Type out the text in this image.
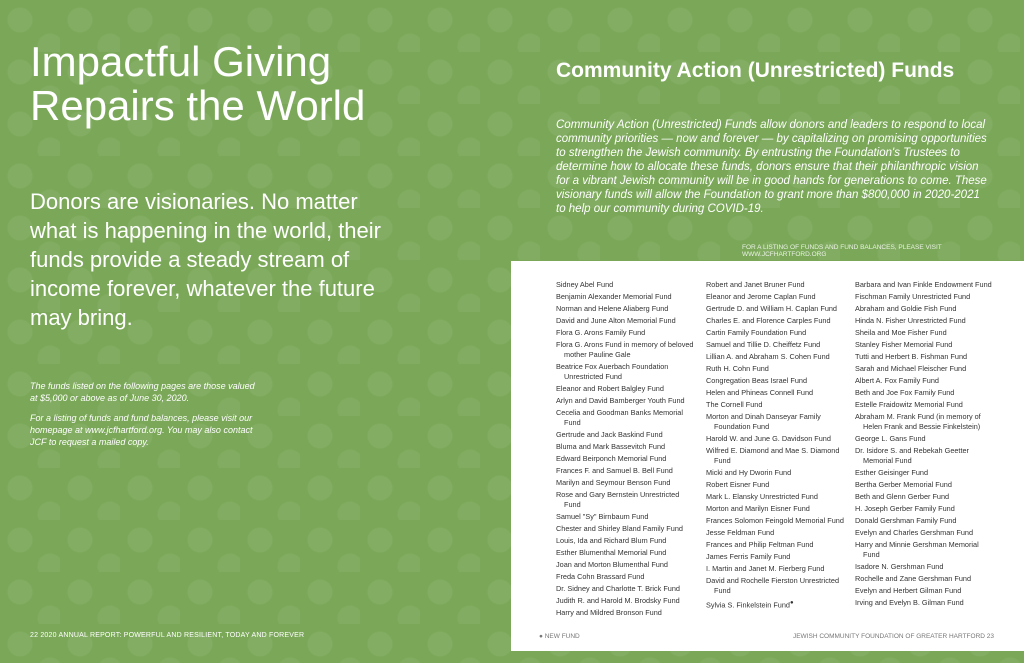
Impactful Giving Repairs the World

Donors are visionaries. No matter what is happening in the world, their funds provide a steady stream of income forever, whatever the future may bring.

The funds listed on the following pages are those valued at $5,000 or above as of June 30, 2020.

For a listing of funds and fund balances, please visit our homepage at www.jcfhartford.org. You may also contact JCF to request a mailed copy.

22 2020 ANNUAL REPORT: POWERFUL AND RESILIENT, TODAY AND FOREVER
Community Action (Unrestricted) Funds

Community Action (Unrestricted) Funds allow donors and leaders to respond to local community priorities — now and forever — by capitalizing on promising opportunities to strengthen the Jewish community. By entrusting the Foundation's Trustees to determine how to allocate these funds, donors ensure that their philanthropic vision for a vibrant Jewish community will be in good hands for generations to come. These visionary funds will allow the Foundation to grant more than $800,000 in 2020-2021 to help our community during COVID-19.

FOR A LISTING OF FUNDS AND FUND BALANCES, PLEASE VISIT WWW.JCFHARTFORD.ORG
Sidney Abel Fund
Benjamin Alexander Memorial Fund
Norman and Helene Aliaberg Fund
David and June Alton Memorial Fund
Flora G. Arons Family Fund
Flora G. Arons Fund in memory of beloved mother Pauline Gale
Beatrice Fox Auerbach Foundation Unrestricted Fund
Eleanor and Robert Balgley Fund
Arlyn and David Bamberger Youth Fund
Cecelia and Goodman Banks Memorial Fund
Gertrude and Jack Baskind Fund
Bluma and Mark Bassevitch Fund
Edward Beirponch Memorial Fund
Frances F. and Samuel B. Bell Fund
Marilyn and Seymour Benson Fund
Rose and Gary Bernstein Unrestricted Fund
Samuel "Sy" Birnbaum Fund
Chester and Shirley Bland Family Fund
Louis, Ida and Richard Blum Fund
Esther Blumenthal Memorial Fund
Joan and Morton Blumenthal Fund
Freda Cohn Brassard Fund
Dr. Sidney and Charlotte T. Brick Fund
Judith R. and Harold M. Brodsky Fund
Harry and Mildred Bronson Fund
Robert and Janet Bruner Fund
Eleanor and Jerome Caplan Fund
Gertrude D. and William H. Caplan Fund
Charles E. and Florence Carples Fund
Cartin Family Foundation Fund
Samuel and Tillie D. Cheiffetz Fund
Lillian A. and Abraham S. Cohen Fund
Ruth H. Cohn Fund
Congregation Beas Israel Fund
Helen and Phineas Connell Fund
The Cornell Fund
Morton and Dinah Danseyar Family Foundation Fund
Harold W. and June G. Davidson Fund
Wilfred E. Diamond and Mae S. Diamond Fund
Micki and Hy Dworin Fund
Robert Eisner Fund
Mark L. Elansky Unrestricted Fund
Morton and Marilyn Eisner Fund
Frances Solomon Feingold Memorial Fund
Jesse Feldman Fund
Frances and Philip Feltman Fund
James Ferris Family Fund
I. Martin and Janet M. Fierberg Fund
David and Rochelle Fierston Unrestricted Fund
Sylvia S. Finkelstein Fund●
Barbara and Ivan Finkle Endowment Fund
Fischman Family Unrestricted Fund
Abraham and Goldie Fish Fund
Hinda N. Fisher Unrestricted Fund
Sheila and Moe Fisher Fund
Stanley Fisher Memorial Fund
Tutti and Herbert B. Fishman Fund
Sarah and Michael Fleischer Fund
Albert A. Fox Family Fund
Beth and Joe Fox Family Fund
Estelle Fraidowitz Memorial Fund
Abraham M. Frank Fund (in memory of Helen Frank and Bessie Finkelstein)
George L. Gans Fund
Dr. Isidore S. and Rebekah Geetter Memorial Fund
Esther Geisinger Fund
Bertha Gerber Memorial Fund
Beth and Glenn Gerber Fund
H. Joseph Gerber Family Fund
Donald Gershman Family Fund
Evelyn and Charles Gershman Fund
Harry and Minnie Gershman Memorial Fund
Isadore N. Gershman Fund
Rochelle and Zane Gershman Fund
Evelyn and Herbert Gilman Fund
Irving and Evelyn B. Gilman Fund
● NEW FUND	JEWISH COMMUNITY FOUNDATION OF GREATER HARTFORD 23
